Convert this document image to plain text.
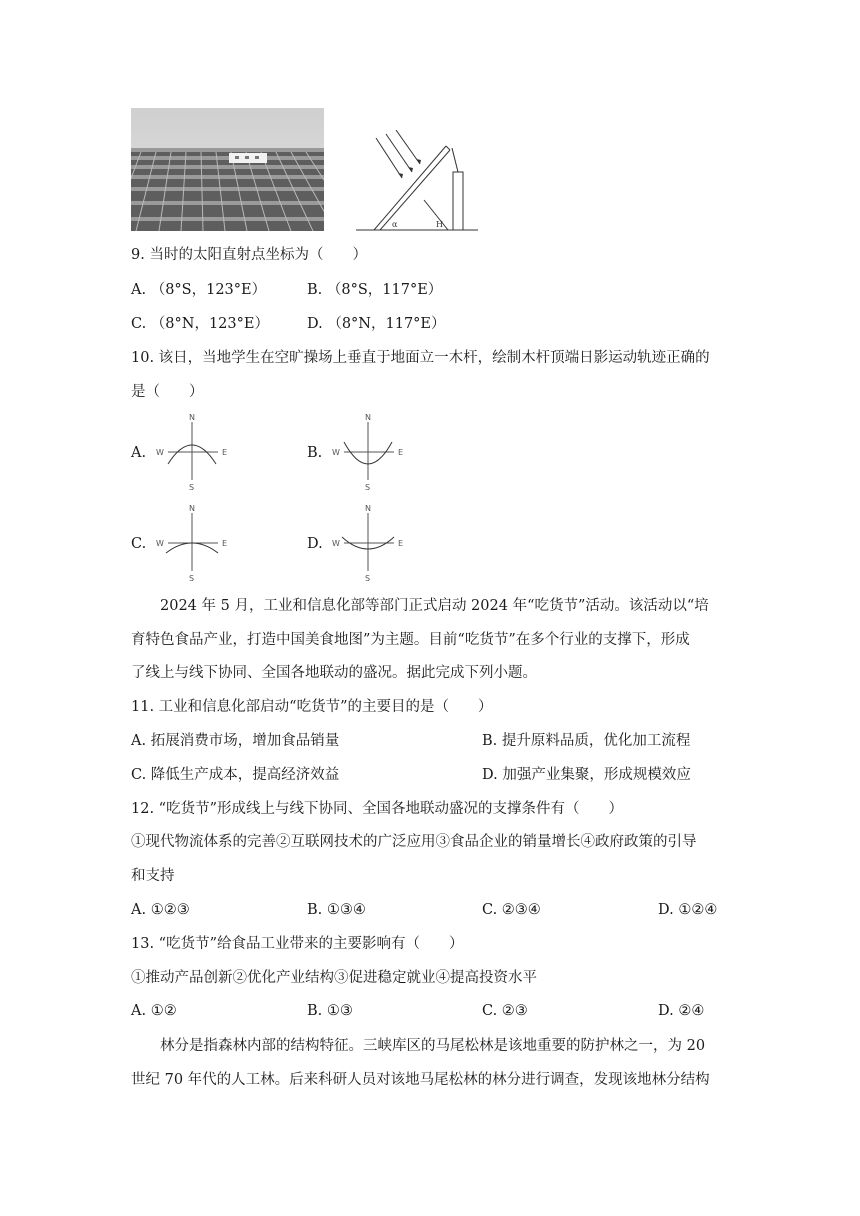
α	H
9. 当时的太阳直射点坐标为（　　）
A. （8°S，123°E）	B. （8°S，117°E）
C. （8°N，123°E）	D. （8°N，117°E）
10. 该日，当地学生在空旷操场上垂直于地面立一木杆，绘制木杆顶端日影运动轨迹正确的
是（　　）
A.
N
S
W	E	B.
N
S
W	E
C.
N
S
W	E	D.
N
S
W	E
2024 年 5 月，工业和信息化部等部门正式启动 2024 年“吃货节”活动。该活动以“培
育特色食品产业，打造中国美食地图”为主题。目前“吃货节”在多个行业的支撑下，形成
了线上与线下协同、全国各地联动的盛况。据此完成下列小题。
11. 工业和信息化部启动“吃货节”的主要目的是（　　）
A. 拓展消费市场，增加食品销量	B. 提升原料品质，优化加工流程
C. 降低生产成本，提高经济效益	D. 加强产业集聚，形成规模效应
12. “吃货节”形成线上与线下协同、全国各地联动盛况的支撑条件有（　　）
①现代物流体系的完善②互联网技术的广泛应用③食品企业的销量增长④政府政策的引导
和支持
A. ①②③	B. ①③④	C. ②③④	D. ①②④
13. “吃货节”给食品工业带来的主要影响有（　　）
①推动产品创新②优化产业结构③促进稳定就业④提高投资水平
A. ①②	B. ①③	C. ②③	D. ②④
林分是指森林内部的结构特征。三峡库区的马尾松林是该地重要的防护林之一，为 20
世纪 70 年代的人工林。后来科研人员对该地马尾松林的林分进行调查，发现该地林分结构
